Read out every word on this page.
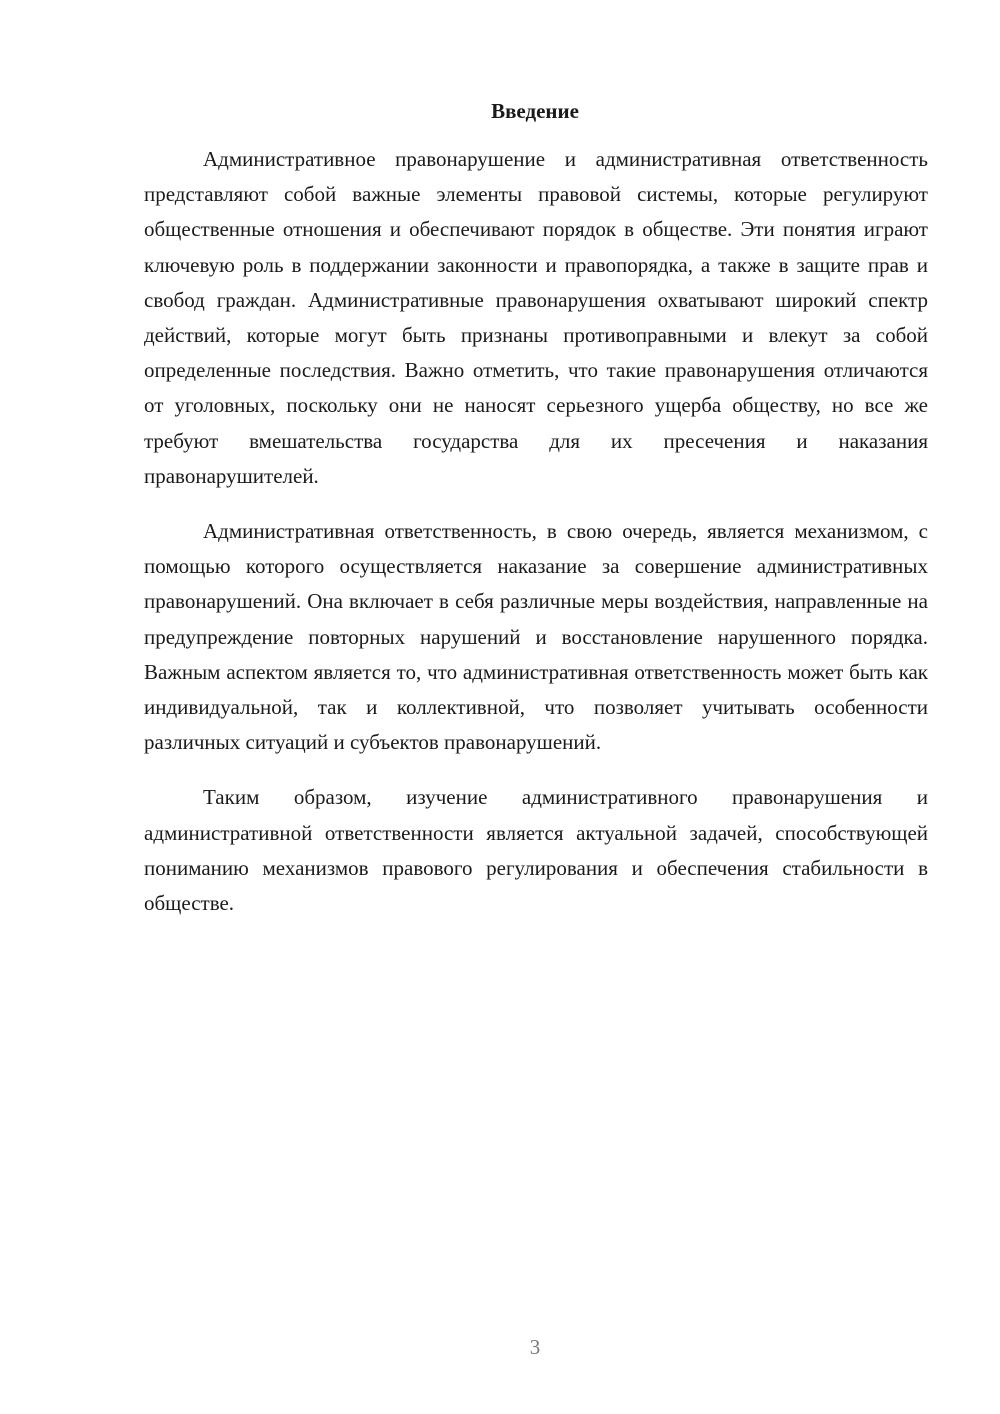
Введение

Административное правонарушение и административная ответственность представляют собой важные элементы правовой системы, которые регулируют общественные отношения и обеспечивают порядок в обществе. Эти понятия играют ключевую роль в поддержании законности и правопорядка, а также в защите прав и свобод граждан. Административные правонарушения охватывают широкий спектр действий, которые могут быть признаны противоправными и влекут за собой определенные последствия. Важно отметить, что такие правонарушения отличаются от уголовных, поскольку они не наносят серьезного ущерба обществу, но все же требуют вмешательства государства для их пресечения и наказания правонарушителей.

Административная ответственность, в свою очередь, является механизмом, с помощью которого осуществляется наказание за совершение административных правонарушений. Она включает в себя различные меры воздействия, направленные на предупреждение повторных нарушений и восстановление нарушенного порядка. Важным аспектом является то, что административная ответственность может быть как индивидуальной, так и коллективной, что позволяет учитывать особенности различных ситуаций и субъектов правонарушений.

Таким образом, изучение административного правонарушения и административной ответственности является актуальной задачей, способствующей пониманию механизмов правового регулирования и обеспечения стабильности в обществе.

3
